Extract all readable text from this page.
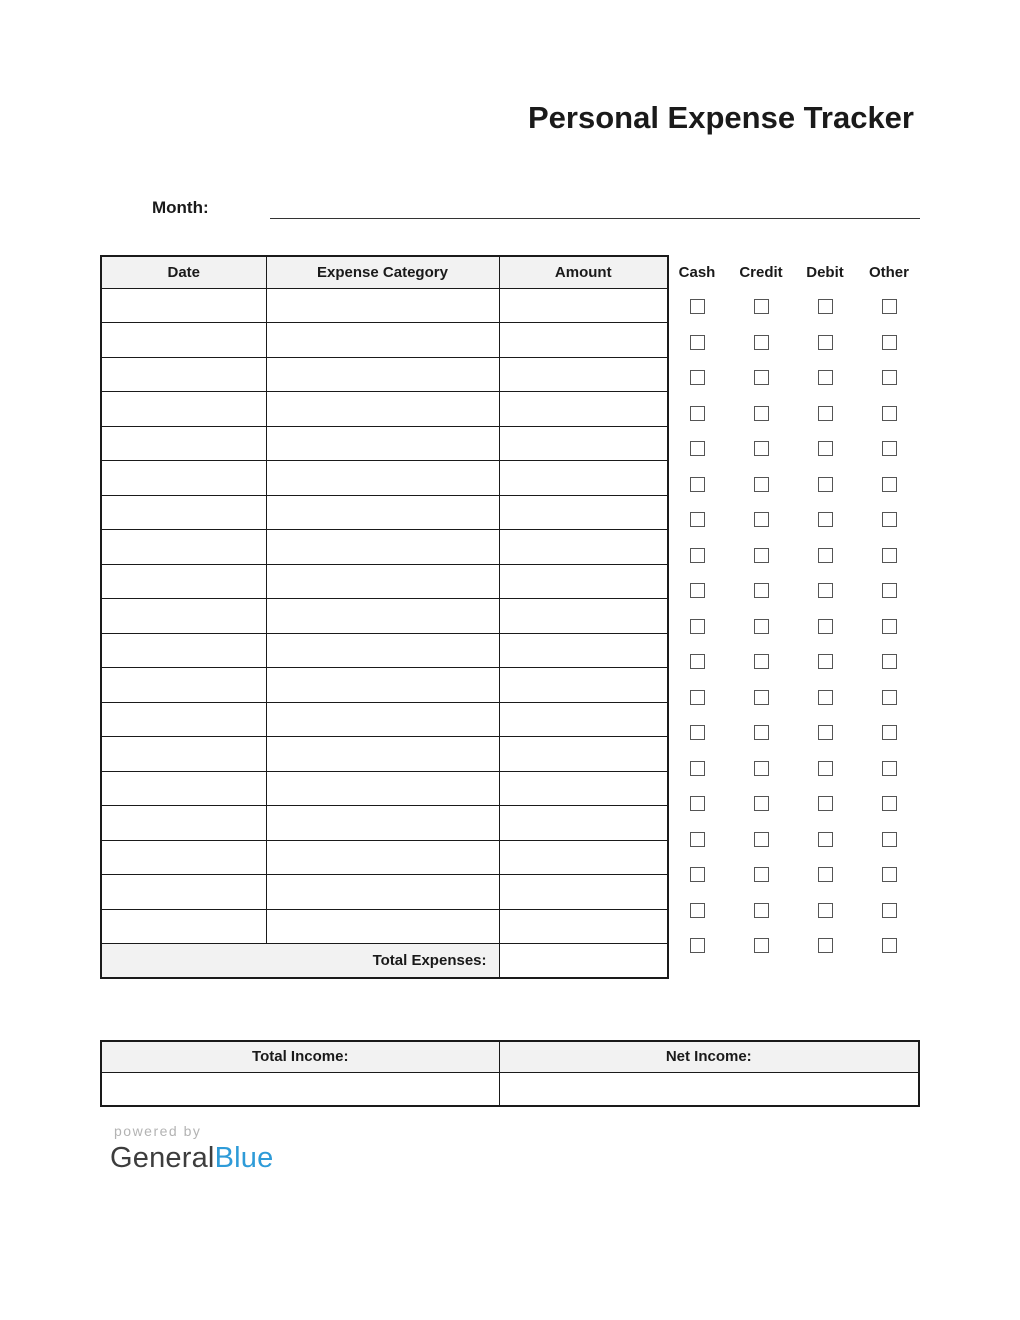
Personal Expense Tracker
Month:
Date	Expense Category	Amount

Total Expenses:		
Cash	Credit	Debit	Other
Total Income:	Net Income:

powered by
GeneralBlue
